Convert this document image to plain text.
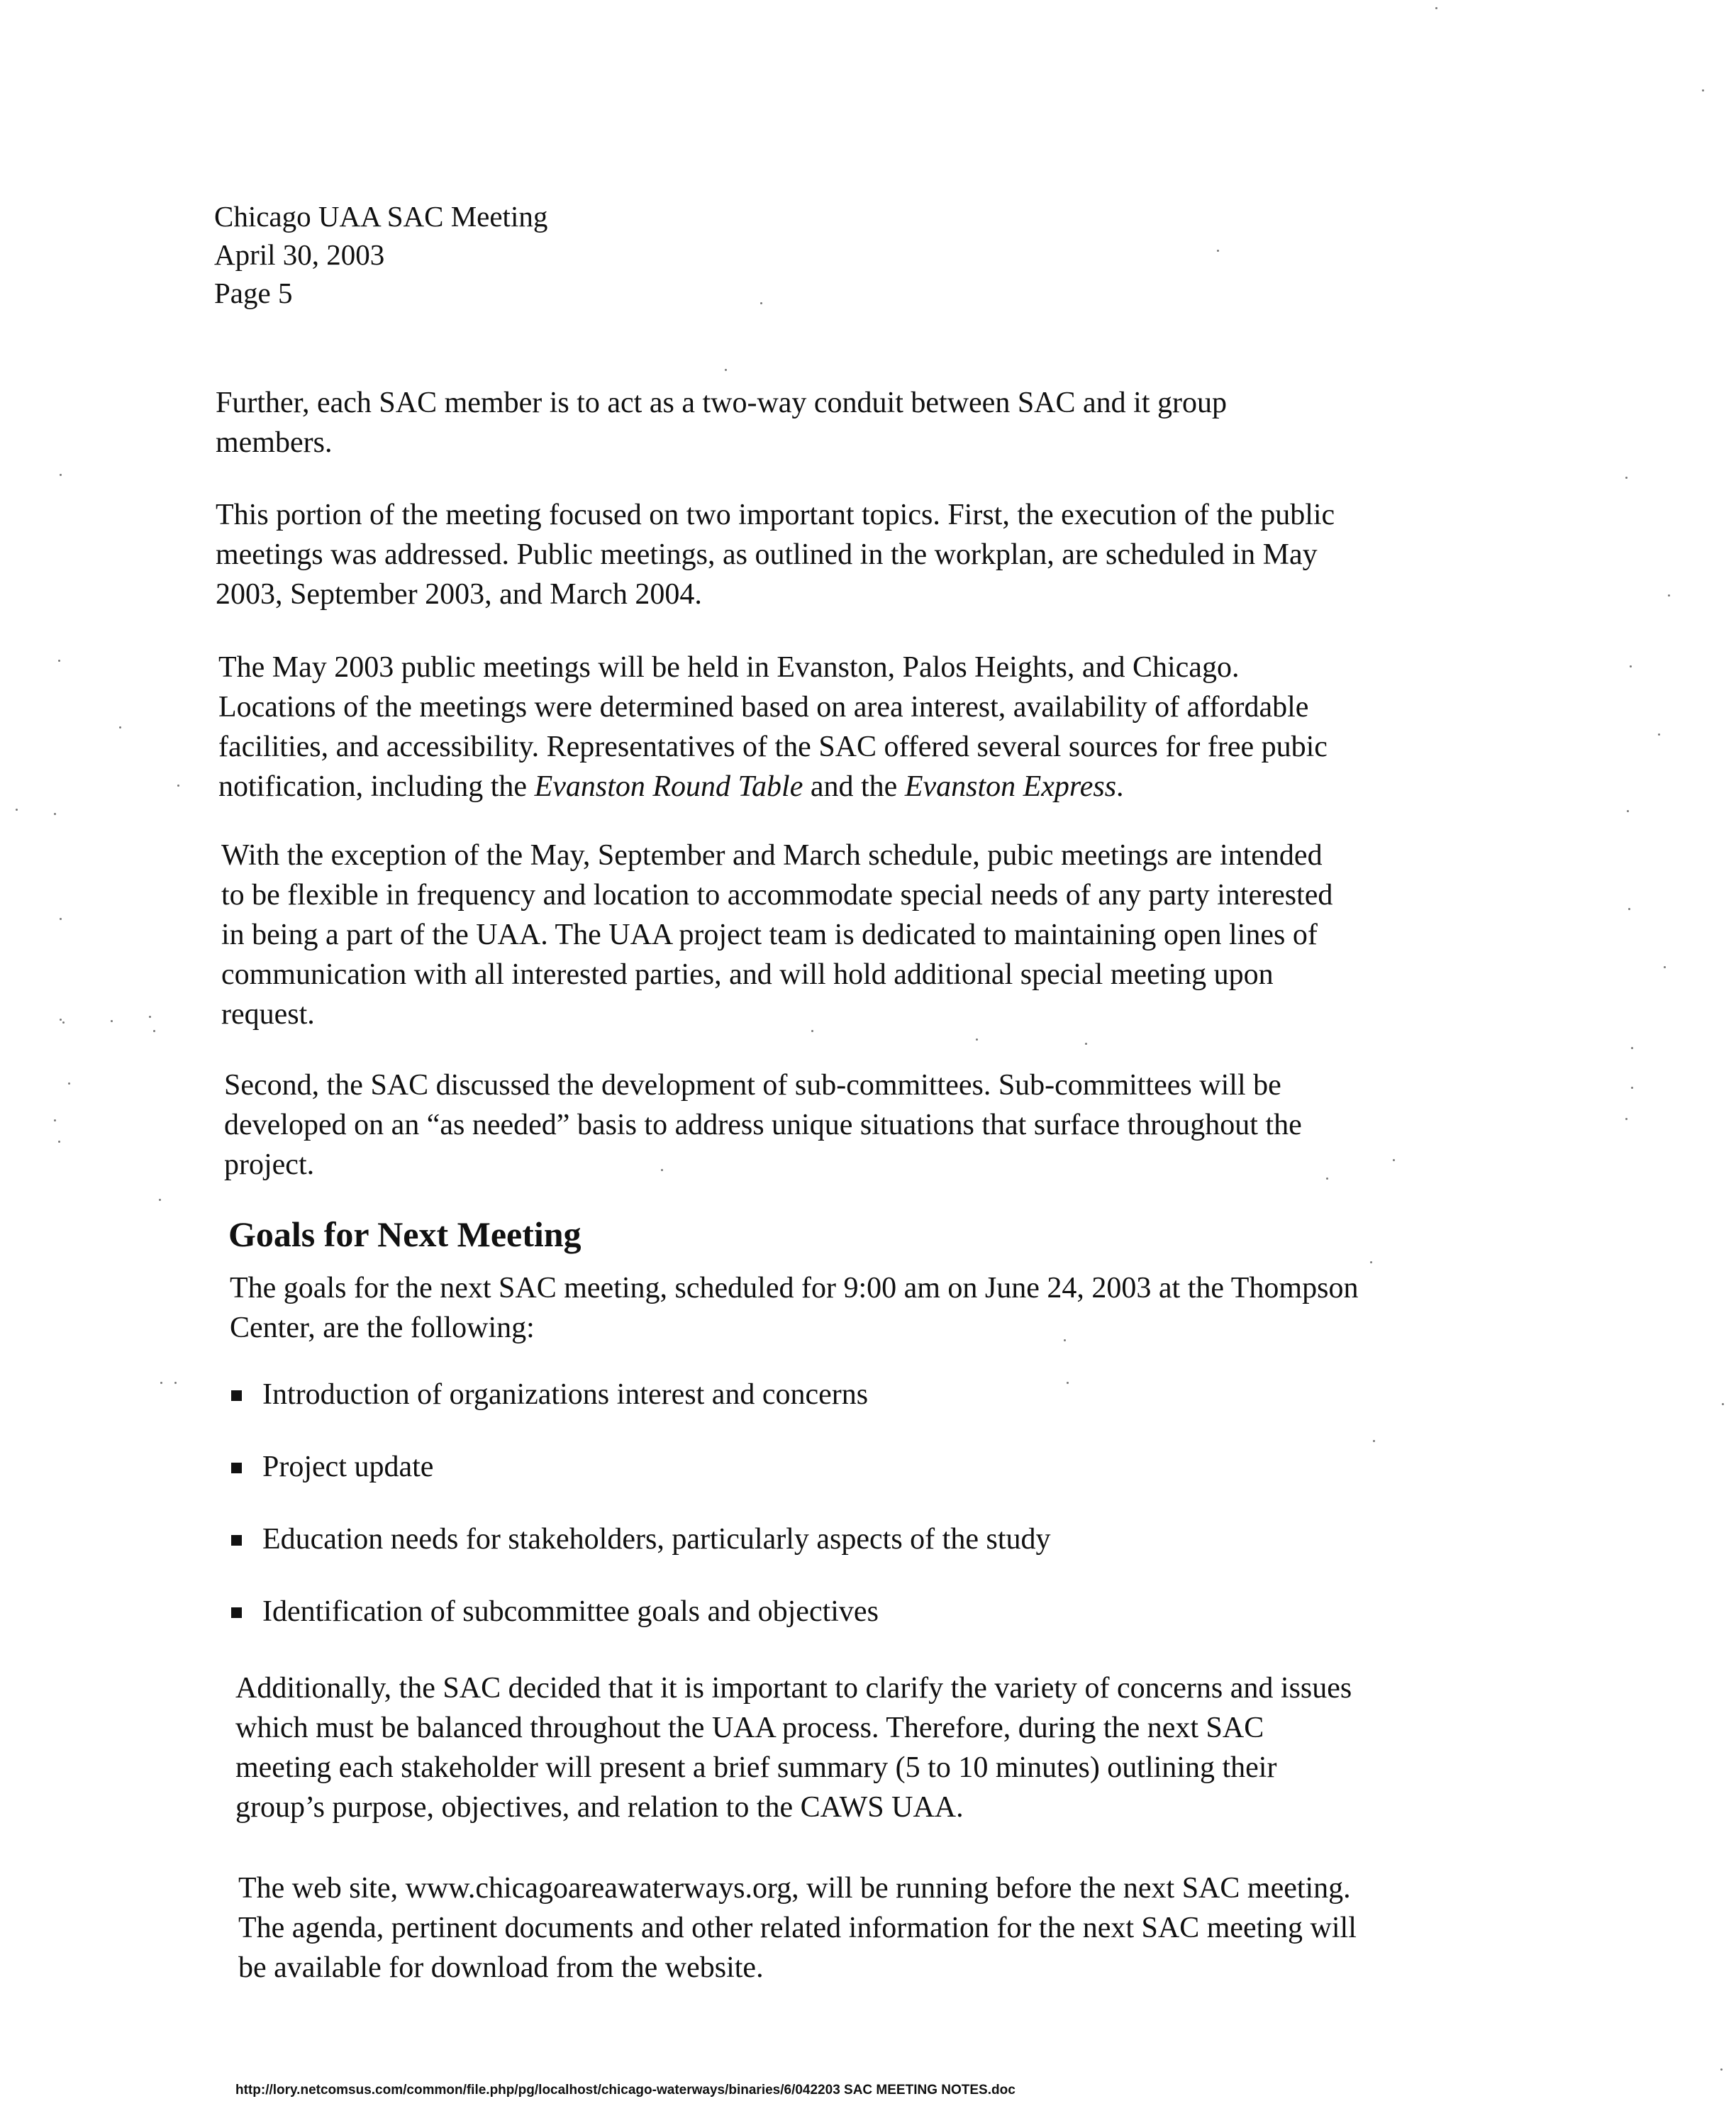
Chicago UAA SAC Meeting
April 30, 2003
Page 5
Further, each SAC member is to act as a two-way conduit between SAC and it group
members.
This portion of the meeting focused on two important topics. First, the execution of the public
meetings was addressed. Public meetings, as outlined in the workplan, are scheduled in May
2003, September 2003, and March 2004.
The May 2003 public meetings will be held in Evanston, Palos Heights, and Chicago.
Locations of the meetings were determined based on area interest, availability of affordable
facilities, and accessibility. Representatives of the SAC offered several sources for free pubic
notification, including the Evanston Round Table and the Evanston Express.
With the exception of the May, September and March schedule, pubic meetings are intended
to be flexible in frequency and location to accommodate special needs of any party interested
in being a part of the UAA. The UAA project team is dedicated to maintaining open lines of
communication with all interested parties, and will hold additional special meeting upon
request.
Second, the SAC discussed the development of sub-committees. Sub-committees will be
developed on an “as needed” basis to address unique situations that surface throughout the
project.
Goals for Next Meeting
The goals for the next SAC meeting, scheduled for 9:00 am on June 24, 2003 at the Thompson
Center, are the following:
Introduction of organizations interest and concerns
Project update
Education needs for stakeholders, particularly aspects of the study
Identification of subcommittee goals and objectives
Additionally, the SAC decided that it is important to clarify the variety of concerns and issues
which must be balanced throughout the UAA process. Therefore, during the next SAC
meeting each stakeholder will present a brief summary (5 to 10 minutes) outlining their
group’s purpose, objectives, and relation to the CAWS UAA.
The web site, www.chicagoareawaterways.org, will be running before the next SAC meeting.
The agenda, pertinent documents and other related information for the next SAC meeting will
be available for download from the website.
http://lory.netcomsus.com/common/file.php/pg/localhost/chicago-waterways/binaries/6/042203 SAC MEETING NOTES.doc
